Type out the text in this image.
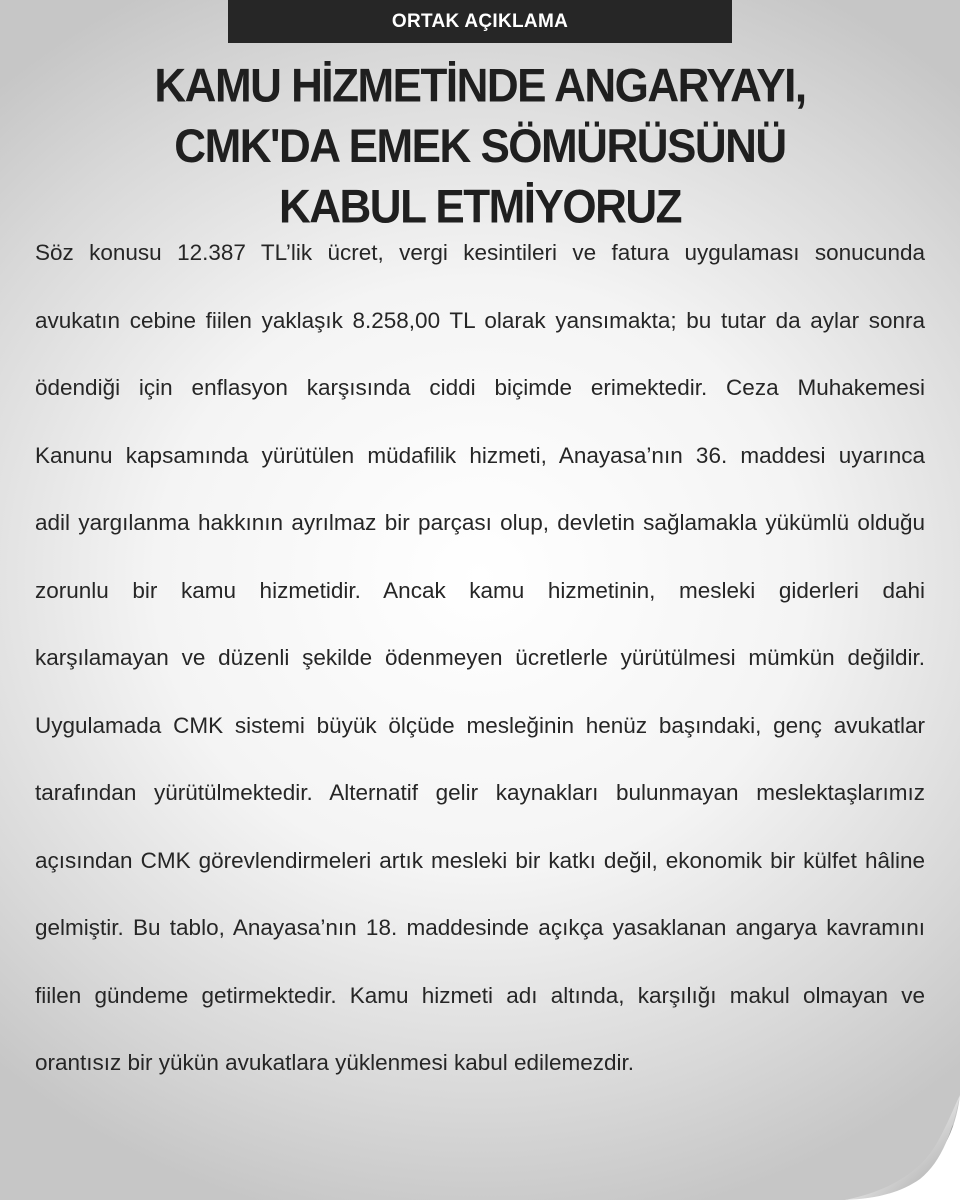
ORTAK AÇIKLAMA
KAMU HİZMETİNDE ANGARYAYI,
CMK'DA EMEK SÖMÜRÜSÜNÜ
KABUL ETMİYORUZ
Söz konusu 12.387 TL’lik ücret, vergi kesintileri ve fatura uygulaması sonucunda
avukatın cebine fiilen yaklaşık 8.258,00 TL olarak yansımakta; bu tutar da aylar sonra
ödendiği için enflasyon karşısında ciddi biçimde erimektedir. Ceza Muhakemesi
Kanunu kapsamında yürütülen müdafilik hizmeti, Anayasa’nın 36. maddesi uyarınca
adil yargılanma hakkının ayrılmaz bir parçası olup, devletin sağlamakla yükümlü olduğu
zorunlu bir kamu hizmetidir. Ancak kamu hizmetinin, mesleki giderleri dahi
karşılamayan ve düzenli şekilde ödenmeyen ücretlerle yürütülmesi mümkün değildir.
Uygulamada CMK sistemi büyük ölçüde mesleğinin henüz başındaki, genç avukatlar
tarafından yürütülmektedir. Alternatif gelir kaynakları bulunmayan meslektaşlarımız
açısından CMK görevlendirmeleri artık mesleki bir katkı değil, ekonomik bir külfet hâline
gelmiştir. Bu tablo, Anayasa’nın 18. maddesinde açıkça yasaklanan angarya kavramını
fiilen gündeme getirmektedir. Kamu hizmeti adı altında, karşılığı makul olmayan ve
orantısız bir yükün avukatlara yüklenmesi kabul edilemezdir.
